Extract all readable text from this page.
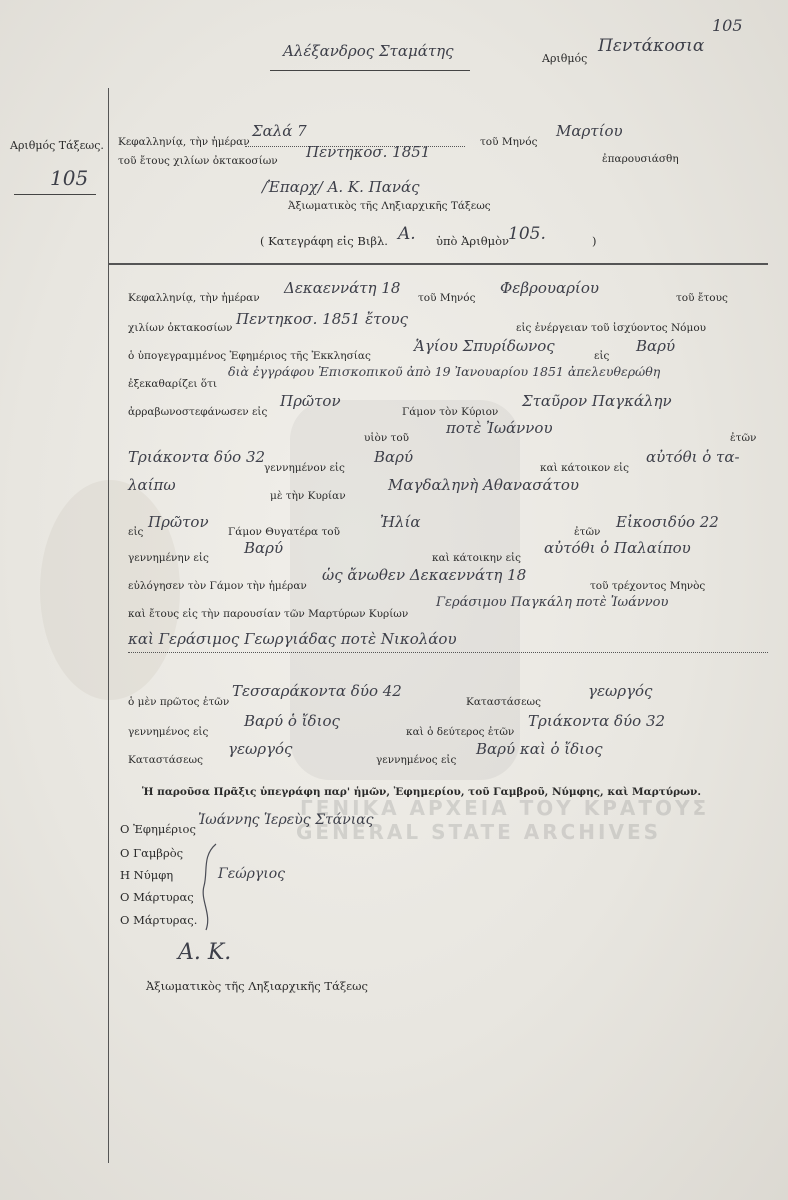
Αλέξανδρος Σταμάτης	Αριθμός
Πεντάκοσια
105
Αριθμός Τάξεως.
105
Κεφαλληνίᾳ, τὴν ἡμέραν
Σαλά 7
τοῦ Μηνός
Μαρτίου
τοῦ ἔτους χιλίων ὀκτακοσίων Πεντηκοσ. 1851	ἐπαρουσιάσθη
/Ἐπαρχ/ Α. Κ. Πανάς
Ἀξιωματικὸς τῆς Ληξιαρχικῆς Τάξεως
( Κατεγράφη εἰς Βιβλ. Α. ὑπὸ Ἀριθμὸν
105.	)
Κεφαλληνίᾳ, τὴν ἡμέραν
Δεκαεννάτη 18
τοῦ Μηνός
Φεβρουαρίου
τοῦ ἔτους
χιλίων ὀκτακοσίων Πεντηκοσ. 1851 ἔτους	εἰς ἐνέργειαν τοῦ ἰσχύοντος Νόμου
ὁ ὑπογεγραμμένος Ἐφημέριος τῆς Ἐκκλησίας
Ἁγίου Σπυρίδωνος
εἰς
Βαρύ
ἐξεκαθαρίζει ὅτι
διὰ ἐγγράφου Ἐπισκοπικοῦ ἀπὸ 19 Ἰανουαρίου 1851 ἀπελευθερώθη
ἀρραβωνοστεφάνωσεν εἰς
Πρῶτον
Γάμον τὸν Κύριον
Σταῦρον Παγκάλην
υἱὸν τοῦ
ποτὲ Ἰωάννου
ἐτῶν
Τριάκοντα δύο 32
γεννημένον εἰς
Βαρύ
καὶ κάτοικον εἰς
αὐτόθι ὁ τα-
λαίπω
μὲ τὴν Κυρίαν
Μαγδαληνὴ Αθανασάτου
εἰς
Πρῶτον
Γάμον Θυγατέρα τοῦ
Ἠλία
ἐτῶν
Εἰκοσιδύο 22
γεννημένην εἰς
Βαρύ
καὶ κάτοικην εἰς
αὐτόθι ὁ Παλαίπου
εὐλόγησεν τὸν Γάμον τὴν ἡμέραν
ὡς ἄνωθεν Δεκαεννάτη 18
τοῦ τρέχοντος Μηνὸς
καὶ ἔτους εἰς τὴν παρουσίαν τῶν Μαρτύρων Κυρίων
Γεράσιμου Παγκάλη ποτὲ Ἰωάννου
καὶ Γεράσιμος Γεωργιάδας ποτὲ Νικολάου
ὁ μὲν πρῶτος ἐτῶν
Τεσσαράκοντα δύο 42
Καταστάσεως
γεωργός
γεννημένος εἰς
Βαρύ ὁ ἴδιος
καὶ ὁ δεύτερος ἐτῶν
Τριάκοντα δύο 32
Καταστάσεως
γεωργός
γεννημένος εἰς
Βαρύ καὶ ὁ ἴδιος
Ἡ παροῦσα Πρᾶξις ὑπεγράφη παρ' ἡμῶν, Ἐφημερίου, τοῦ Γαμβροῦ, Νύμφης, καὶ Μαρτύρων.
ΓΕΝΙΚΑ ΑΡΧΕΙΑ ΤΟΥ ΚΡΑΤΟΥΣ
GENERAL STATE ARCHIVES
Ο Ἐφημέριος
Ἰωάννης Ἱερεὺς Στάνιας
Ο Γαμβρὸς
Η Νύμφη
Ο Μάρτυρας
Γεώργιος
Ο Μάρτυρας.
Α. Κ.
Ἀξιωματικὸς τῆς Ληξιαρχικῆς Τάξεως
